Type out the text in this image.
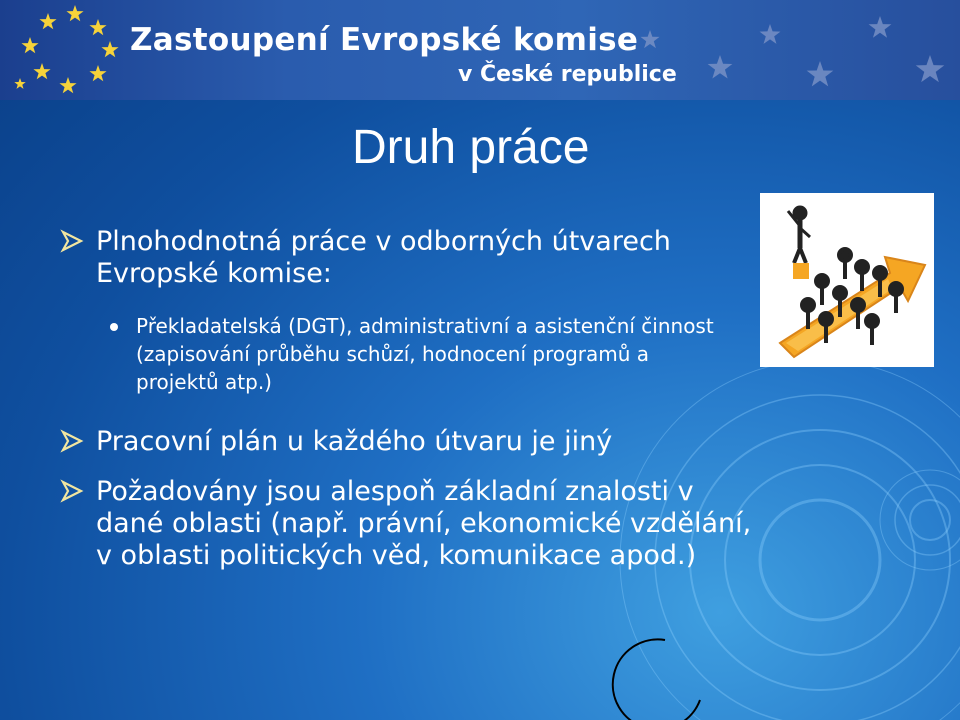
Zastoupení Evropské komise
v České republice
Druh práce
Plnohodnotná práce v odborných útvarech Evropské komise:
Překladatelská (DGT), administrativní a asistenční činnost (zapisování průběhu schůzí, hodnocení programů a projektů atp.)
Pracovní plán u každého útvaru je jiný
Požadovány jsou alespoň základní znalosti v dané oblasti (např. právní, ekonomické vzdělání, v oblasti politických věd, komunikace apod.)
